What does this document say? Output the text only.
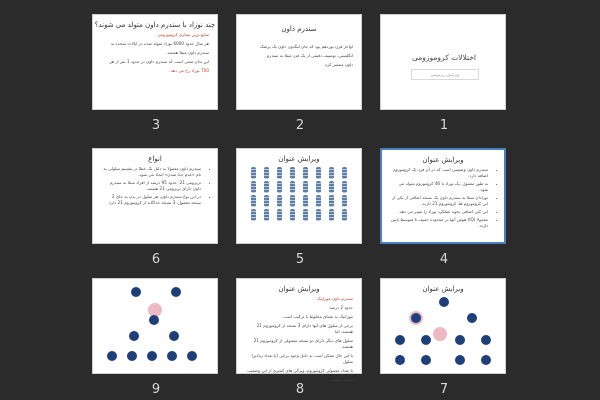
چند نوزاد با سندرم داون متولد می شوند؟

شایع ترین بیماری کروموزومی

هر سال حدود 6000 نوزاد متولد شده در ایالات متحده به

سندرم داون مبتلا هستند.

این بدان معنی است که سندرم داون در حدود 1 نفر از هر

700 نوزاد رخ می دهد.

3
سندرم داون

اواخر قرن نوزدهم بود که جان لنگدون داون یک پزشک

انگلیسی، توصیف دقیقی از یک فرد مبتلا به سندرم

داون منتشر کرد.

2
اختلالات کروموزومی
ویرایش زیرنویس
1
انواع
• سندرم داون معمولا به دلیل یک خطا در تقسیم سلولی به نام «عدم جدا شدن» ایجاد می شود.
• تریزومی 21: حدود 95 درصد از افراد مبتلا به سندرم داون دارای تریزومی 21 هستند.
• در این نوع سندرم داون، هر سلول در بدن به جای 2 نسخه معمول، 3 نسخه جداگانه از کروموزوم 21 دارد.
6
ویرایش عنوان
5
ویرایش عنوان
• سندرم داون وضعیتی است که در آن فرد یک کروموزوم اضافه دارد.
• به طور معمول، یک نوزاد با 46 کروموزوم متولد می شود.
• نوزادان مبتلا به سندرم داون یک نسخه اضافی از یکی از این کروموزوم ها، کروموزوم 21 دارند.
• این کپی اضافی نحوه عملکرد نوزاد را تغییر می دهد.
• معمولا (IQ) هوش آنها در محدوده خفیف تا متوسط پایین دارند.
4
9
ویرایش عنوان

سندرم داون موزاییک

حدود 2 درصد

موزاییک به معنای مخلوط یا ترکیب است.

برخی از سلول های آنها دارای 3 نسخه از کروموزوم 21 هستند، اما

سلول های دیگر دارای دو نسخه معمولی از کروموزوم 21 هستند.

با این حال ممکن است به دلیل وجود برخی (یا تعداد زیادتر) سلول

با تعداد معمولی کروموزوم، ویژگی های کمتری از این وضعیت

داشته باشند.

8
ویرایش عنوان
7
